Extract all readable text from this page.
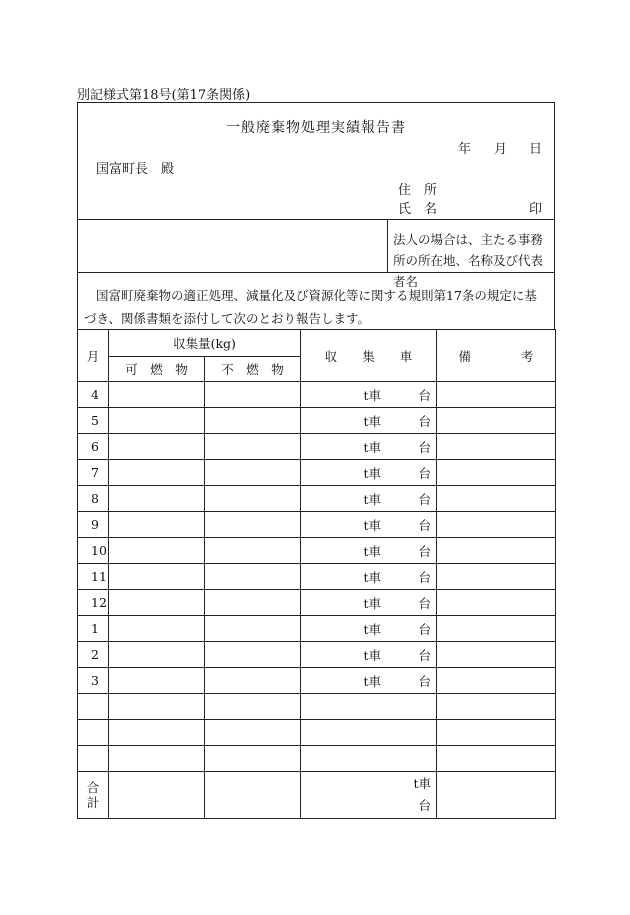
別記様式第18号(第17条関係)
一般廃棄物処理実績報告書
年 月 日
国富町長　殿
住　所
氏　名	印
法人の場合は、主たる事務所の所在地、名称及び代表者名
国富町廃棄物の適正処理、減量化及び資源化等に関する規則第17条の規定に基づき、関係書類を添付して次のとおり報告します。
月	収集量(kg)		収　　集　　車	備　　　　考
	可　燃　物	不　燃　物		
4			t車　　　台	
5			t車　　　台	
6			t車　　　台	
7			t車　　　台	
8			t車　　　台	
9			t車　　　台	
10			t車　　　台	
11			t車　　　台	
12			t車　　　台	
1			t車　　　台	
2			t車　　　台	
3			t車　　　台	

合計			t車
台	
